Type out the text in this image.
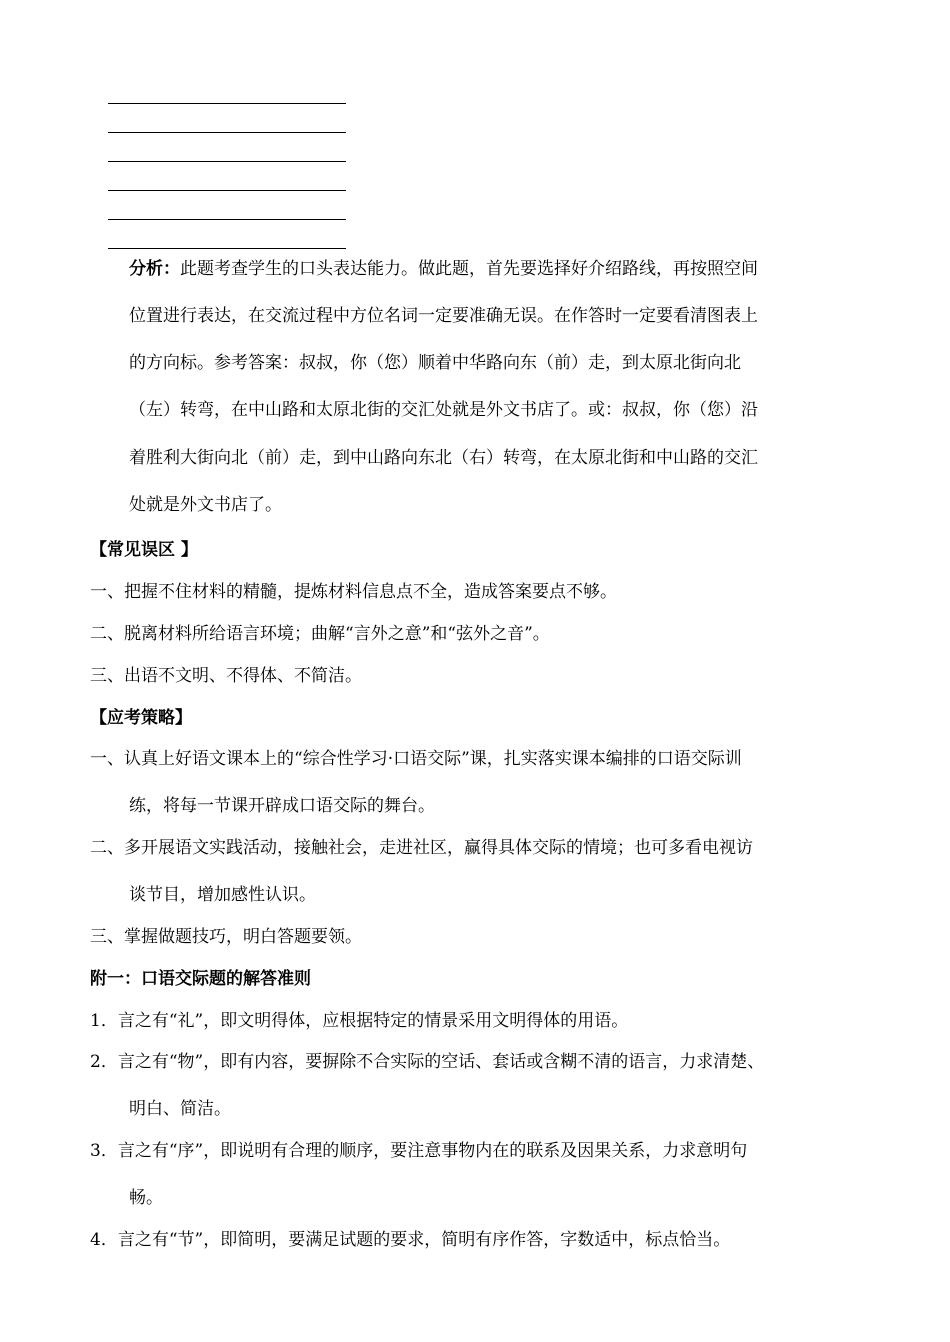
分析：此题考查学生的口头表达能力。做此题，首先要选择好介绍路线，再按照空间
位置进行表达，在交流过程中方位名词一定要准确无误。在作答时一定要看清图表上
的方向标。参考答案：叔叔，你（您）顺着中华路向东（前）走，到太原北街向北
（左）转弯，在中山路和太原北街的交汇处就是外文书店了。或：叔叔，你（您）沿
着胜利大街向北（前）走，到中山路向东北（右）转弯，在太原北街和中山路的交汇
处就是外文书店了。
【常见误区 】
一、把握不住材料的精髓，提炼材料信息点不全，造成答案要点不够。
二、脱离材料所给语言环境；曲解“言外之意”和“弦外之音”。
三、出语不文明、不得体、不简洁。
【应考策略】
一、认真上好语文课本上的“综合性学习·口语交际”课，扎实落实课本编排的口语交际训
练，将每一节课开辟成口语交际的舞台。
二、多开展语文实践活动，接触社会，走进社区，赢得具体交际的情境；也可多看电视访
谈节目，增加感性认识。
三、掌握做题技巧，明白答题要领。
附一：口语交际题的解答准则
1．言之有“礼”，即文明得体，应根据特定的情景采用文明得体的用语。
2．言之有“物”，即有内容，要摒除不合实际的空话、套话或含糊不清的语言，力求清楚、
明白、简洁。
3．言之有“序”，即说明有合理的顺序，要注意事物内在的联系及因果关系，力求意明句
畅。
4．言之有“节”，即简明，要满足试题的要求，简明有序作答，字数适中，标点恰当。
